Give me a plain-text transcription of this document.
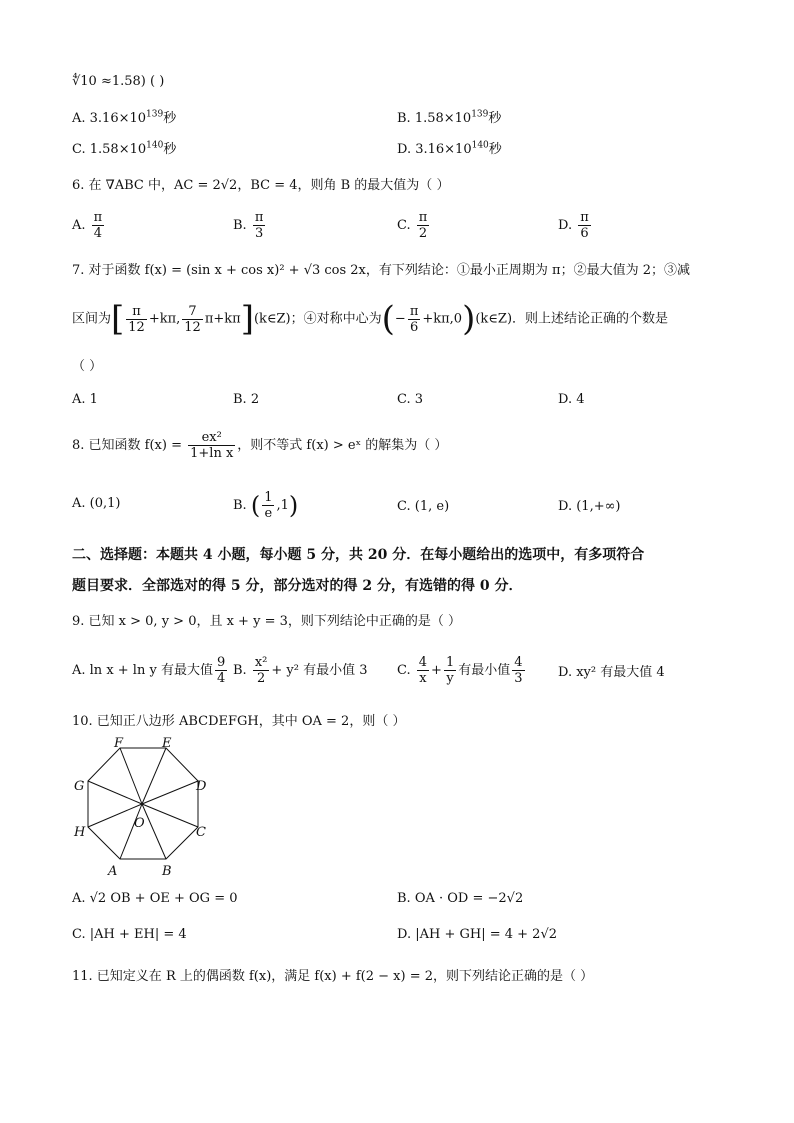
∜10 ≈1.58) ( )
A. $3.16\times 10^{139}$秒	B. $1.58\times 10^{139}$秒
C. $1.58\times 10^{140}$秒	D. $3.16\times 10^{140}$秒
6. 在 ∇ABC 中，AC = 2√2，BC = 4，则角 B 的最大值为（ ）
A. $\frac{\pi}{4}$	B. $\frac{\pi}{3}$	C. $\frac{\pi}{2}$	D. $\frac{\pi}{6}$
7. 对于函数 f(x) = (sin x + cos x)² + √3 cos 2x，有下列结论：①最小正周期为 π；②最大值为 2；③减
区间为[ $\frac{\pi}{12} +k\pi$, $\frac{7}{12}$ π+kπ](k∈Z)；④对称中心为(− $\frac{\pi}{6}$ +kπ,0)(k∈Z)．则上述结论正确的个数是
（ ）
A. 1	B. 2	C. 3	D. 4
8. 已知函数 $f(x) = \frac{\text{ex²}}{\text{1+ln x}}$ ，则不等式 f(x) > eˣ 的解集为（ ）
A. (0,1)	B. ( $\frac{1}{e} ,1$)	C. (1, e)	D. (1,+∞)
二、选择题：本题共 4 小题，每小题 5 分，共 20 分．在每小题给出的选项中，有多项符合
题目要求．全部选对的得 5 分，部分选对的得 2 分，有选错的得 0 分．
9. 已知 x > 0, y > 0，且 x + y = 3，则下列结论中正确的是（ ）
A. ln x + ln y 有最大值 $\frac{9}{4} B$. $\frac{\text{x²}}{2} + y^2$ 有最小值 3 C. $\frac{4}{x} + \frac{1}{y}$ 有最小值 $\frac{4}{3}$	D. xy² 有最大值 4
10. 已知正八边形 ABCDEFGH，其中 OA = 2，则（ ）
A	B
C
D
E
F
G
H
O
A. √2 OB + OE + OG = 0	B. OA · OD = −2√2
C. |AH + EH| = 4	D. |AH + GH| = 4 + 2√2
11. 已知定义在 R 上的偶函数 f(x)，满足 f(x) + f(2 − x) = 2，则下列结论正确的是（ ）
